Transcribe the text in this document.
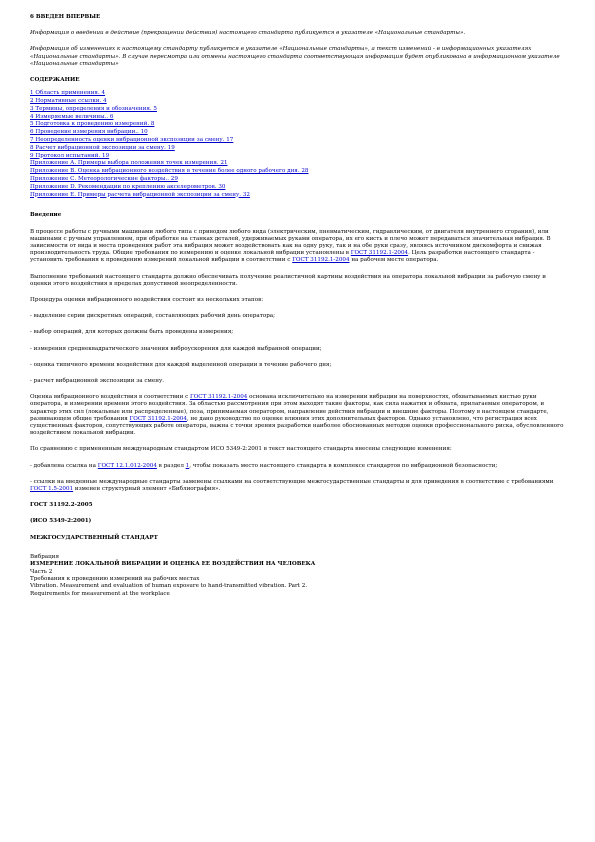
6 ВВЕДЕН ВПЕРВЫЕ

Информация о введении в действие (прекращении действия) настоящего стандарта публикуется в указателе «Национальные стандарты».

Информация об изменениях к настоящему стандарту публикуется в указателе «Национальные стандарты», а текст изменений - в информационных указателях «Национальные стандарты». В случае пересмотра или отмены настоящего стандарта соответствующая информация будет опубликована в информационном указателе «Национальные стандарты»

СОДЕРЖАНИЕ

1 Область применения. 4
2 Нормативные ссылки. 4
3 Термины, определения и обозначения. 5
4 Измеряемые величины.. 6
5 Подготовка к проведению измерений. 8
6 Проведение измерения вибрации.. 10
7 Неопределенность оценки вибрационной экспозиции за смену. 17
8 Расчет вибрационной экспозиции за смену. 19
9 Протокол испытаний. 19
Приложение А. Примеры выбора положения точек измерения. 21
Приложение В. Оценка вибрационного воздействия в течение более одного рабочего дня. 28
Приложение С. Метеорологические факторы.. 29
Приложение D. Рекомендации по креплению акселерометров. 30
Приложение Е. Примеры расчета вибрационной экспозиции за смену. 32

Введение

В процессе работы с ручными машинами любого типа с приводом любого вида (электрическим, пневматическим, гидравлическим, от двигателя внутреннего сгорания), или машинами с ручным управлением, при обработке на станках деталей, удерживаемых руками оператора, их его кисть и плечо может передаваться значительная вибрация. В зависимости от вида и места проведения работ эта вибрация может воздействовать как на одну руку, так и на обе руки сразу, являясь источником дискомфорта и снижая производительность труда. Общие требования по измерению и оценке локальной вибрации установлены в ГОСТ 31192.1-2004. Цель разработки настоящего стандарта - установить требования к проведению измерений локальной вибрации в соответствии с ГОСТ 31192.1-2004 на рабочем месте оператора.

Выполнение требований настоящего стандарта должно обеспечивать получение реалистичной картины воздействия на оператора локальной вибрации за рабочую смену и оценки этого воздействия в пределах допустимой неопределенности.

Процедура оценки вибрационного воздействия состоит из нескольких этапов:

- выделение серии дискретных операций, составляющих рабочий день оператора;

- выбор операций, для которых должны быть проведены измерения;

- измерения среднеквадратического значения виброускорения для каждой выбранной операции;

- оценка типичного времени воздействия для каждой выделенной операции в течение рабочего дня;

- расчет вибрационной экспозиции за смену.

Оценка вибрационного воздействия в соответствии с ГОСТ 31192.1-2004 основана исключительно на измерении вибрации на поверхностях, обхватываемых кистью руки оператора, и измерении времени этого воздействия. За областью рассмотрения при этом выходят такие факторы, как сила нажатия и обхвата, прилагаемые оператором, и характер этих сил (локальные или распределенные), поза, принимаемая оператором, направление действия вибрации и внешние факторы. Поэтому в настоящем стандарте, развивающем общие требования ГОСТ 31192.1-2004, не дано руководство по оценке влияния этих дополнительных факторов. Однако установлено, что регистрация всех существенных факторов, сопутствующих работе оператора, важна с точки зрения разработки наиболее обоснованных методов оценки профессионального риска, обусловленного воздействием локальной вибрации.

По сравнению с примененным международным стандартом ИСО 5349-2:2001 в текст настоящего стандарта внесены следующие изменения:

- добавлена ссылка на ГОСТ 12.1.012-2004 в раздел 1, чтобы показать место настоящего стандарта в комплексе стандартов по вибрационной безопасности;

- ссылки на введенные международные стандарты заменены ссылками на соответствующие межгосударственные стандарты и для приведения в соответствие с требованиями ГОСТ 1.5-2001 изменен структурный элемент «Библиография».

ГОСТ 31192.2-2005

(ИСО 5349-2:2001)

МЕЖГОСУДАРСТВЕННЫЙ СТАНДАРТ

Вибрация
ИЗМЕРЕНИЕ ЛОКАЛЬНОЙ ВИБРАЦИИ И ОЦЕНКА ЕЕ ВОЗДЕЙСТВИЯ НА ЧЕЛОВЕКА
Часть 2
Требования к проведению измерений на рабочих местах
Vibration. Measurement and evaluation of human exposure to hand-transmitted vibration. Part 2.
Requirements for measurement at the workplace
